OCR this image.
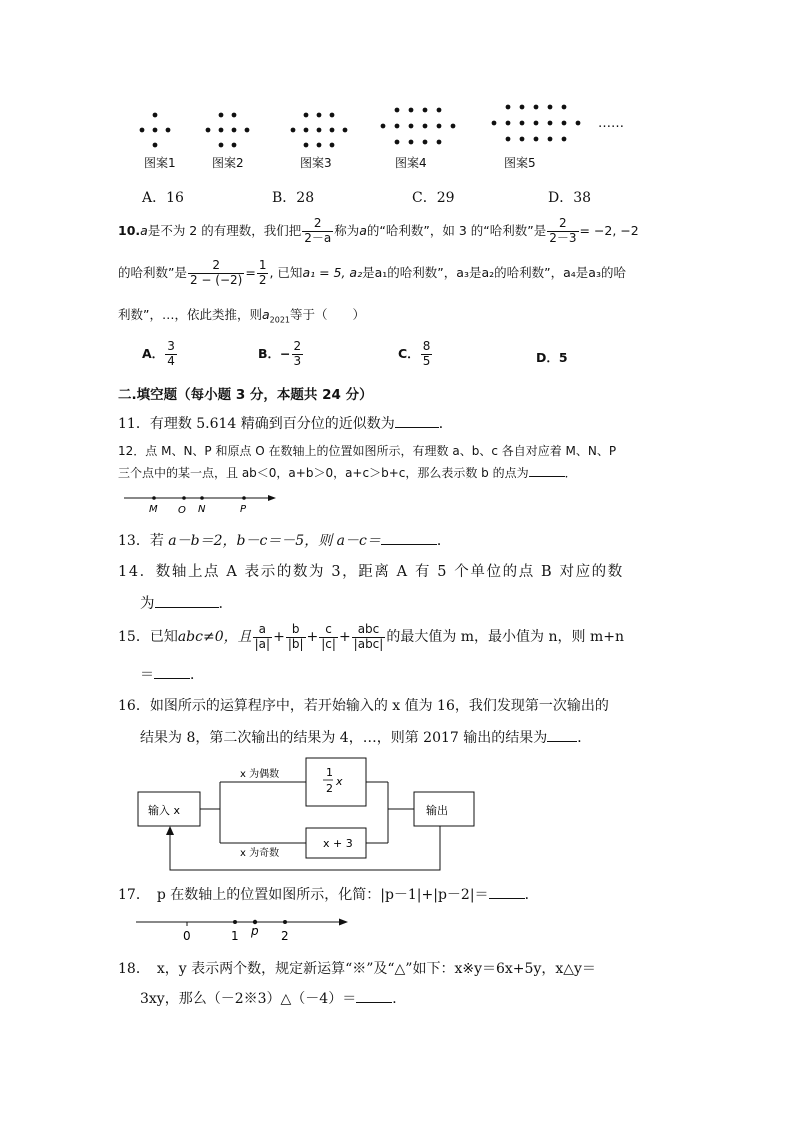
……
图案1	图案2	图案3	图案4	图案5
A．16	B．28	C．29	D．38
10.a是不为 2 的有理数，我们把 $\frac{2}{2-a}$ 称为a的“哈利数”，如 3 的“哈利数”是 $\frac{2}{2-3} = -2$, −2
的哈利数”是 $\frac{2}{2 - (-2)} = \frac{1}{2}$ , 已知a₁ = 5, a₂是a₁的哈利数”，a₃是a₂的哈利数”，a₄是a₃的哈
利数”，…，依此类推，则$a_{2021}$等于（　　）
A． $\frac{3}{4}$	B．− $\frac{2}{3}$	C． $\frac{8}{5}$	D．5
二.填空题（每小题 3 分，本题共 24 分）
11．有理数 5.614 精确到百分位的近似数为	．
12．点 M、N、P 和原点 O 在数轴上的位置如图所示，有理数 a、b、c 各自对应着 M、N、P
三个点中的某一点，且 ab＜0，a+b＞0，a+c＞b+c，那么表示数 b 的点为	．
M O N	P
13．若 a－b＝2，b－c＝－5，则 a－c＝	．
14．数轴上点 A 表示的数为 3，距离 A 有 5 个单位的点 B 对应的数
为	．
15．已知abc≠0，且 $\frac{a}{|a|} + \frac{b}{|b|} + \frac{c}{|c|} + \frac{\text{abc}}{\text{|abc|}}$ 的最大值为 m，最小值为 n，则 m+n
＝	．
16．如图所示的运算程序中，若开始输入的 x 值为 16，我们发现第一次输出的
结果为 8，第二次输出的结果为 4，…，则第 2017 输出的结果为 ．
输入 x
x 为偶数
x 为奇数
1
2
x
x + 3
输出
17．　p 在数轴上的位置如图所示，化简：|p－1|+|p－2|＝	．
0	1 p 2
18．　x，y 表示两个数，规定新运算“※”及“△”如下：x※y＝6x+5y，x△y＝
3xy，那么（－2※3）△（－4）＝	．
